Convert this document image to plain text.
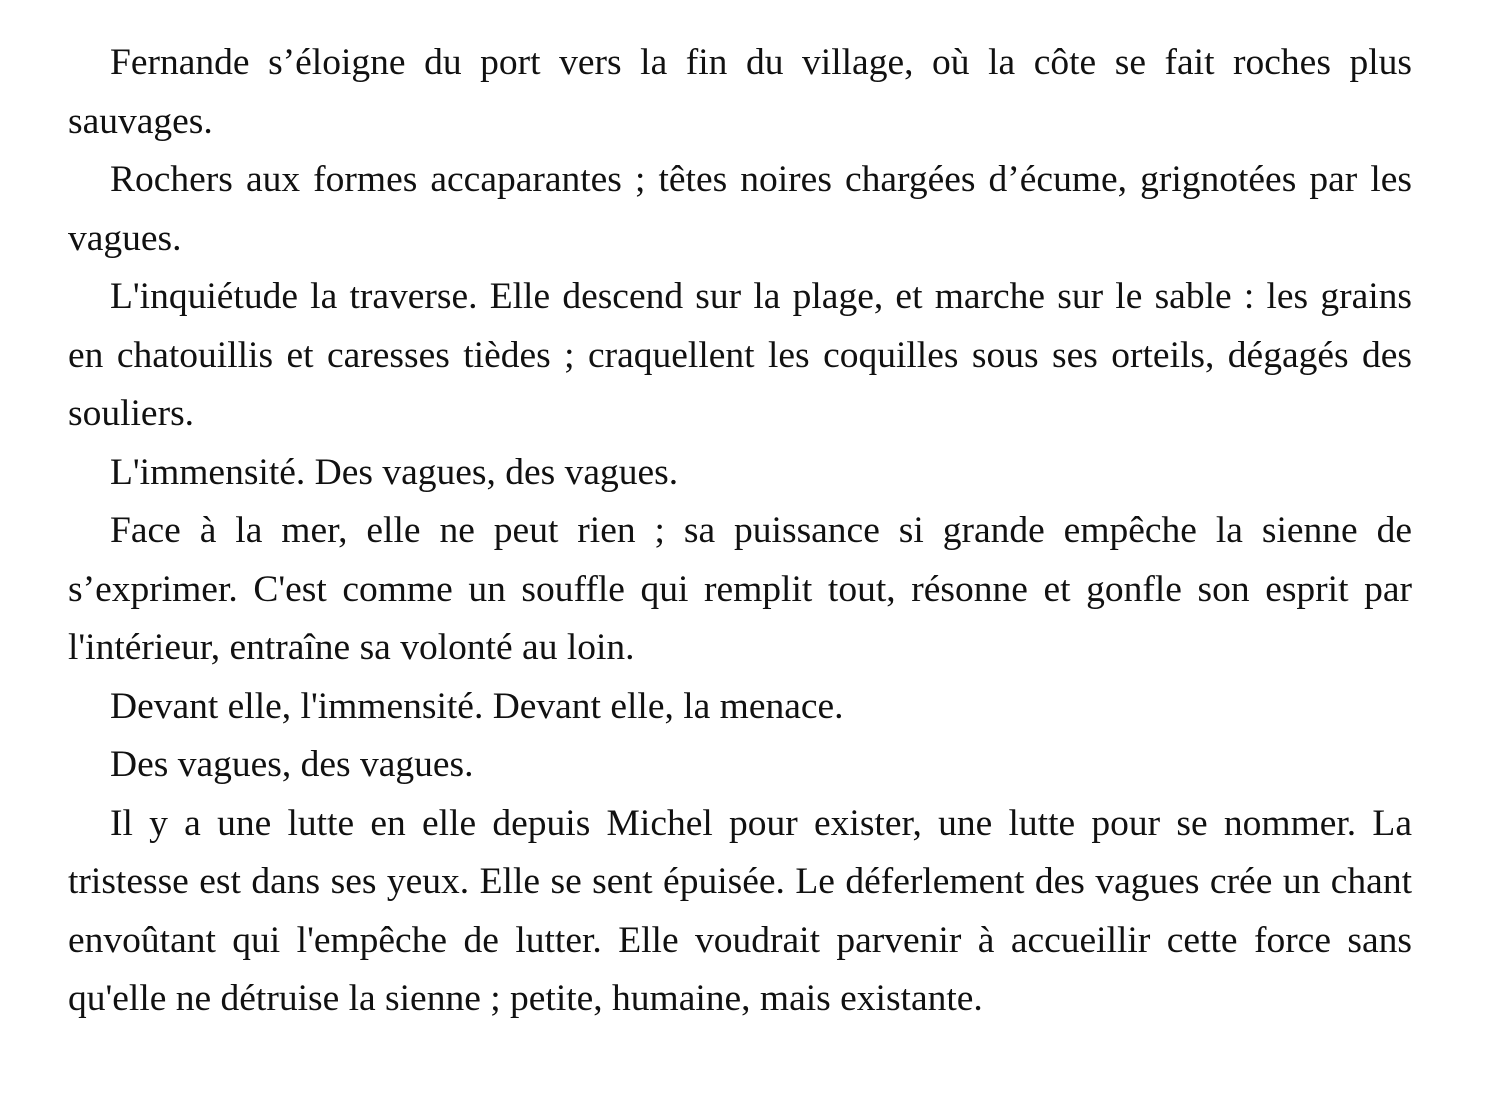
Fernande s’éloigne du port vers la fin du village, où la côte se fait roches plus sauvages.

Rochers aux formes accaparantes ; têtes noires chargées d’écume, grignotées par les vagues.

L'inquiétude la traverse. Elle descend sur la plage, et marche sur le sable : les grains en chatouillis et caresses tièdes ; craquellent les coquilles sous ses orteils, dégagés des souliers.

L'immensité. Des vagues, des vagues.

Face à la mer, elle ne peut rien ; sa puissance si grande empêche la sienne de s’exprimer. C'est comme un souffle qui remplit tout, résonne et gonfle son esprit par l'intérieur, entraîne sa volonté au loin.

Devant elle, l'immensité. Devant elle, la menace.

Des vagues, des vagues.

Il y a une lutte en elle depuis Michel pour exister, une lutte pour se nommer. La tristesse est dans ses yeux. Elle se sent épuisée. Le déferlement des vagues crée un chant envoûtant qui l'empêche de lutter. Elle voudrait parvenir à accueillir cette force sans qu'elle ne détruise la sienne ; petite, humaine, mais existante.
